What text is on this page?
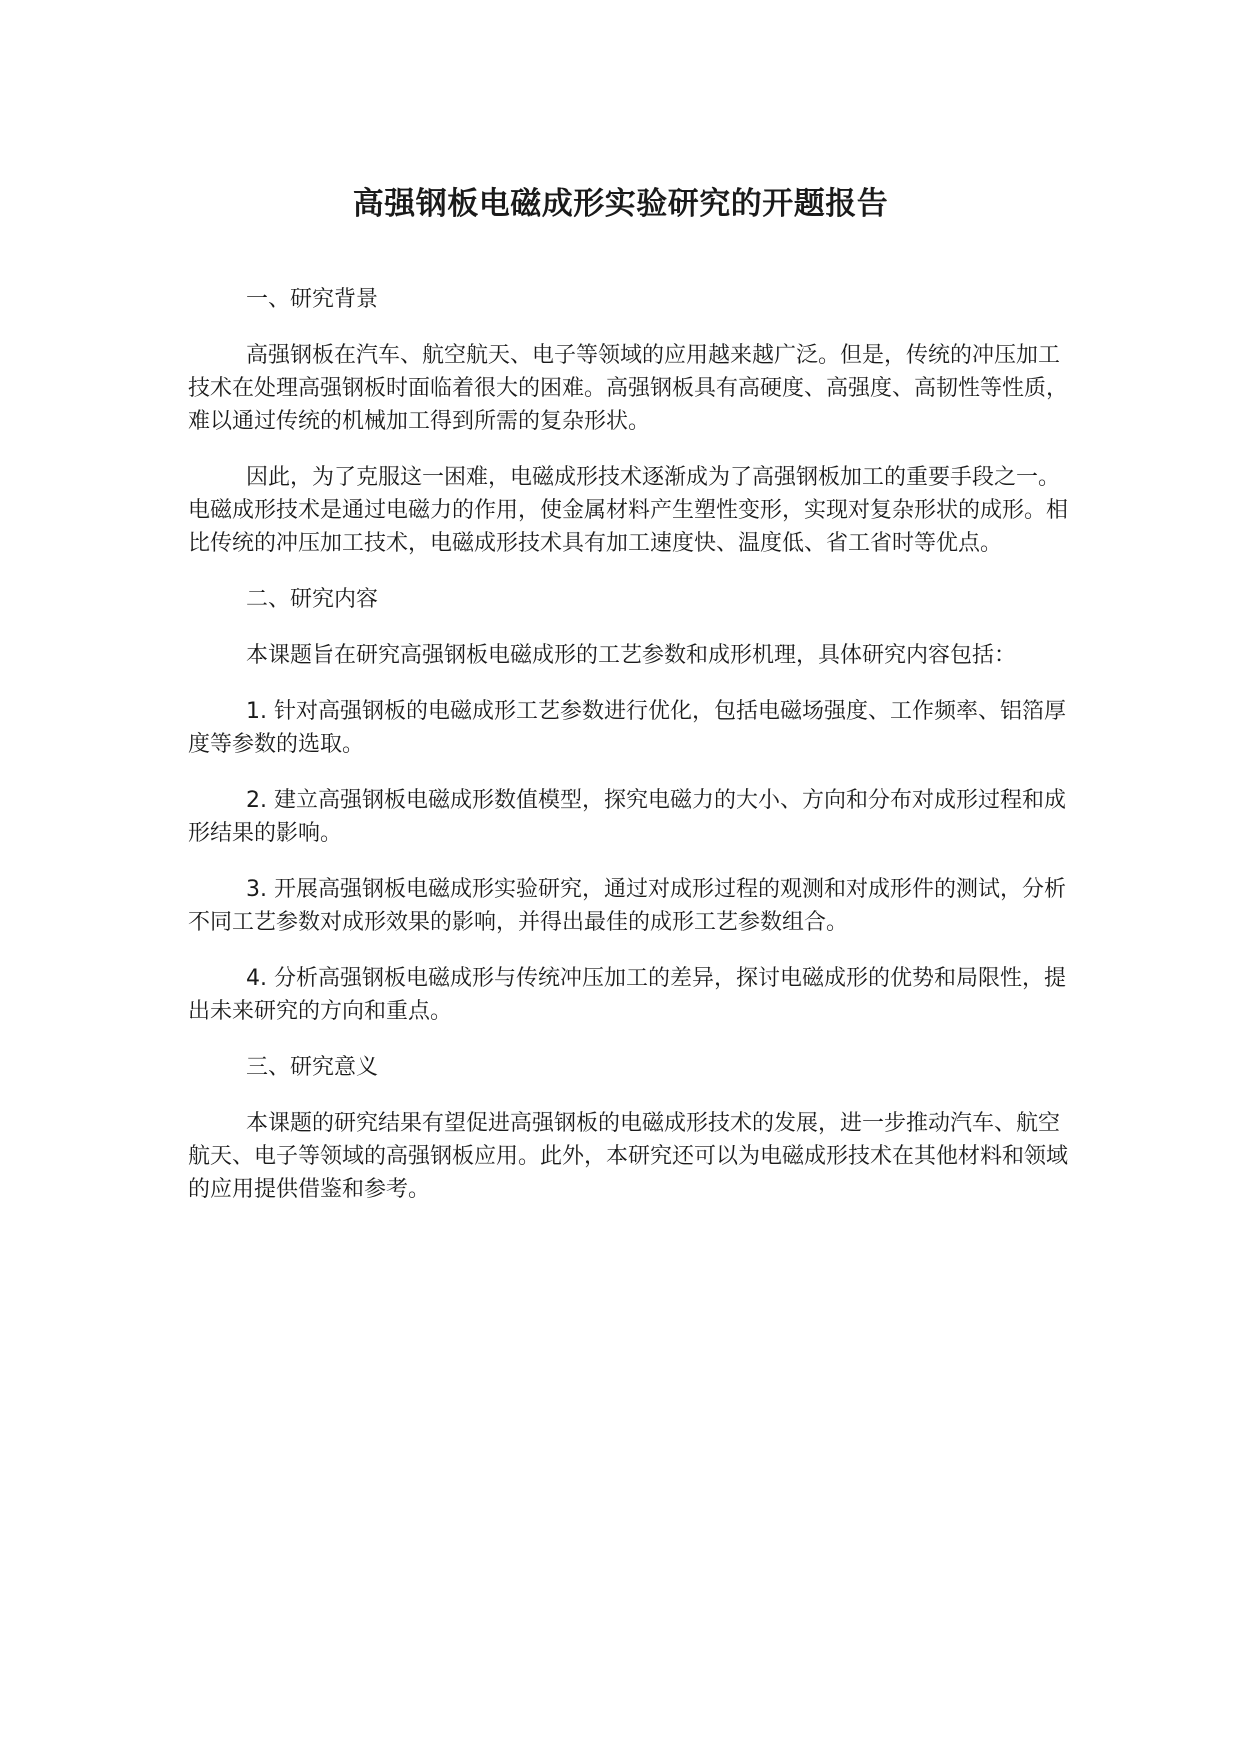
高强钢板电磁成形实验研究的开题报告

一、研究背景

高强钢板在汽车、航空航天、电子等领域的应用越来越广泛。但是，传统的冲压加工技术在处理高强钢板时面临着很大的困难。高强钢板具有高硬度、高强度、高韧性等性质，难以通过传统的机械加工得到所需的复杂形状。

因此，为了克服这一困难，电磁成形技术逐渐成为了高强钢板加工的重要手段之一。电磁成形技术是通过电磁力的作用，使金属材料产生塑性变形，实现对复杂形状的成形。相比传统的冲压加工技术，电磁成形技术具有加工速度快、温度低、省工省时等优点。

二、研究内容

本课题旨在研究高强钢板电磁成形的工艺参数和成形机理，具体研究内容包括：

1. 针对高强钢板的电磁成形工艺参数进行优化，包括电磁场强度、工作频率、铝箔厚度等参数的选取。

2. 建立高强钢板电磁成形数值模型，探究电磁力的大小、方向和分布对成形过程和成形结果的影响。

3. 开展高强钢板电磁成形实验研究，通过对成形过程的观测和对成形件的测试，分析不同工艺参数对成形效果的影响，并得出最佳的成形工艺参数组合。

4. 分析高强钢板电磁成形与传统冲压加工的差异，探讨电磁成形的优势和局限性，提出未来研究的方向和重点。

三、研究意义

本课题的研究结果有望促进高强钢板的电磁成形技术的发展，进一步推动汽车、航空航天、电子等领域的高强钢板应用。此外，本研究还可以为电磁成形技术在其他材料和领域的应用提供借鉴和参考。
